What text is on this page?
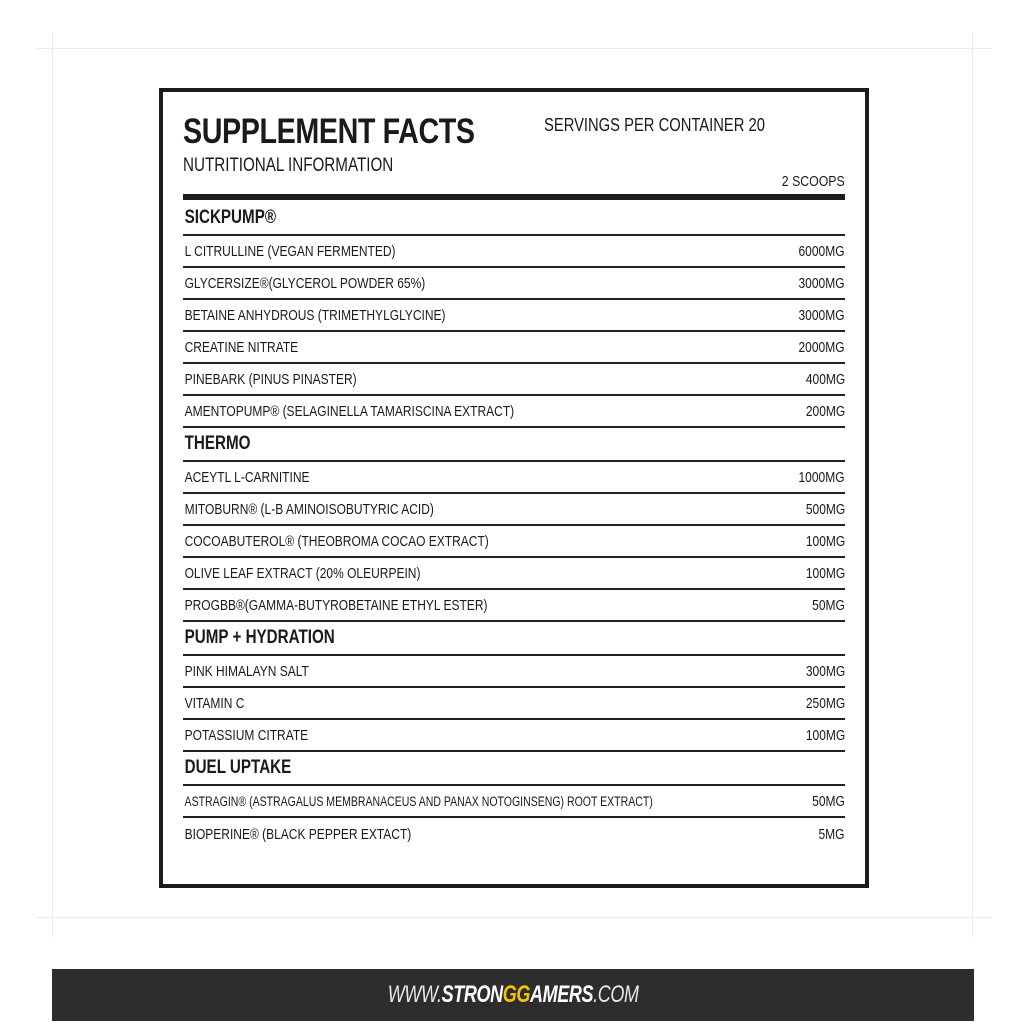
SUPPLEMENT FACTS
NUTRITIONAL INFORMATION
SERVINGS PER CONTAINER 20
2 SCOOPS
SICKPUMP®
L CITRULLINE (VEGAN FERMENTED)	6000MG
GLYCERSIZE®(GLYCEROL POWDER 65%)	3000MG
BETAINE ANHYDROUS (TRIMETHYLGLYCINE)	3000MG
CREATINE NITRATE	2000MG
PINEBARK (PINUS PINASTER)	400MG
AMENTOPUMP® (SELAGINELLA TAMARISCINA EXTRACT)	200MG
THERMO
ACEYTL L-CARNITINE	1000MG
MITOBURN® (L-B AMINOISOBUTYRIC ACID)	500MG
COCOABUTEROL® (THEOBROMA COCAO EXTRACT)	100MG
OLIVE LEAF EXTRACT (20% OLEURPEIN)	100MG
PROGBB®(GAMMA-BUTYROBETAINE ETHYL ESTER)	50MG
PUMP + HYDRATION
PINK HIMALAYN SALT	300MG
VITAMIN C	250MG
POTASSIUM CITRATE	100MG
DUEL UPTAKE
ASTRAGIN® (ASTRAGALUS MEMBRANACEUS AND PANAX NOTOGINSENG) ROOT EXTRACT)	50MG
BIOPERINE® (BLACK PEPPER EXTACT)	5MG
WWW.STRONGGAMERS.COM
